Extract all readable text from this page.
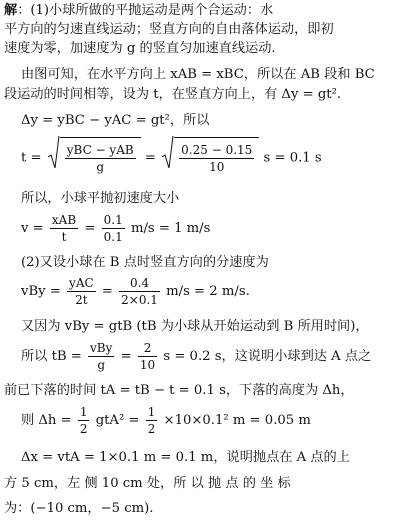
解：(1)小球所做的平抛运动是两个合运动：水
平方向的匀速直线运动；竖直方向的自由落体运动，即初
速度为零，加速度为 g 的竖直匀加速直线运动.
由图可知，在水平方向上 xAB = xBC，所以在 AB 段和 BC
段运动的时间相等，设为 t，在竖直方向上，有 Δy = gt².
Δy = yBC − yAC = gt²，所以
$t = \frac{\text{yBC − yAB}}{g} = \frac{0.25 - 0.15}{10}$ s = 0.1 s
所以，小球平抛初速度大小
$v = \frac{\text{xAB}}{t} = \frac{0.1}{0.1} m/s = 1$ m/s
(2)又设小球在 B 点时竖直方向的分速度为
vBy = $\frac{\text{yAC}}{2t} = \frac{0.4}{2\times 0.1} m/s = 2$ m/s.
又因为 vBy = gtB (tB 为小球从开始运动到 B 所用时间)，
所以 tB = $\frac{\text{vBy}}{g} = \frac{2}{10}$ s = 0.2 s，这说明小球到达 A 点之
前已下落的时间 tA = tB − t = 0.1 s，下落的高度为 Δh，
则 $\Delta h = \frac{1}{2} gtA^2 = \frac{1}{2} \times 10\times 0.1^2$ m = 0.05 m
Δx = vtA = 1×0.1 m = 0.1 m，说明抛点在 A 点的上
方 5 cm，左 侧 10 cm 处，所 以 抛 点 的 坐 标
为：(−10 cm，−5 cm).
